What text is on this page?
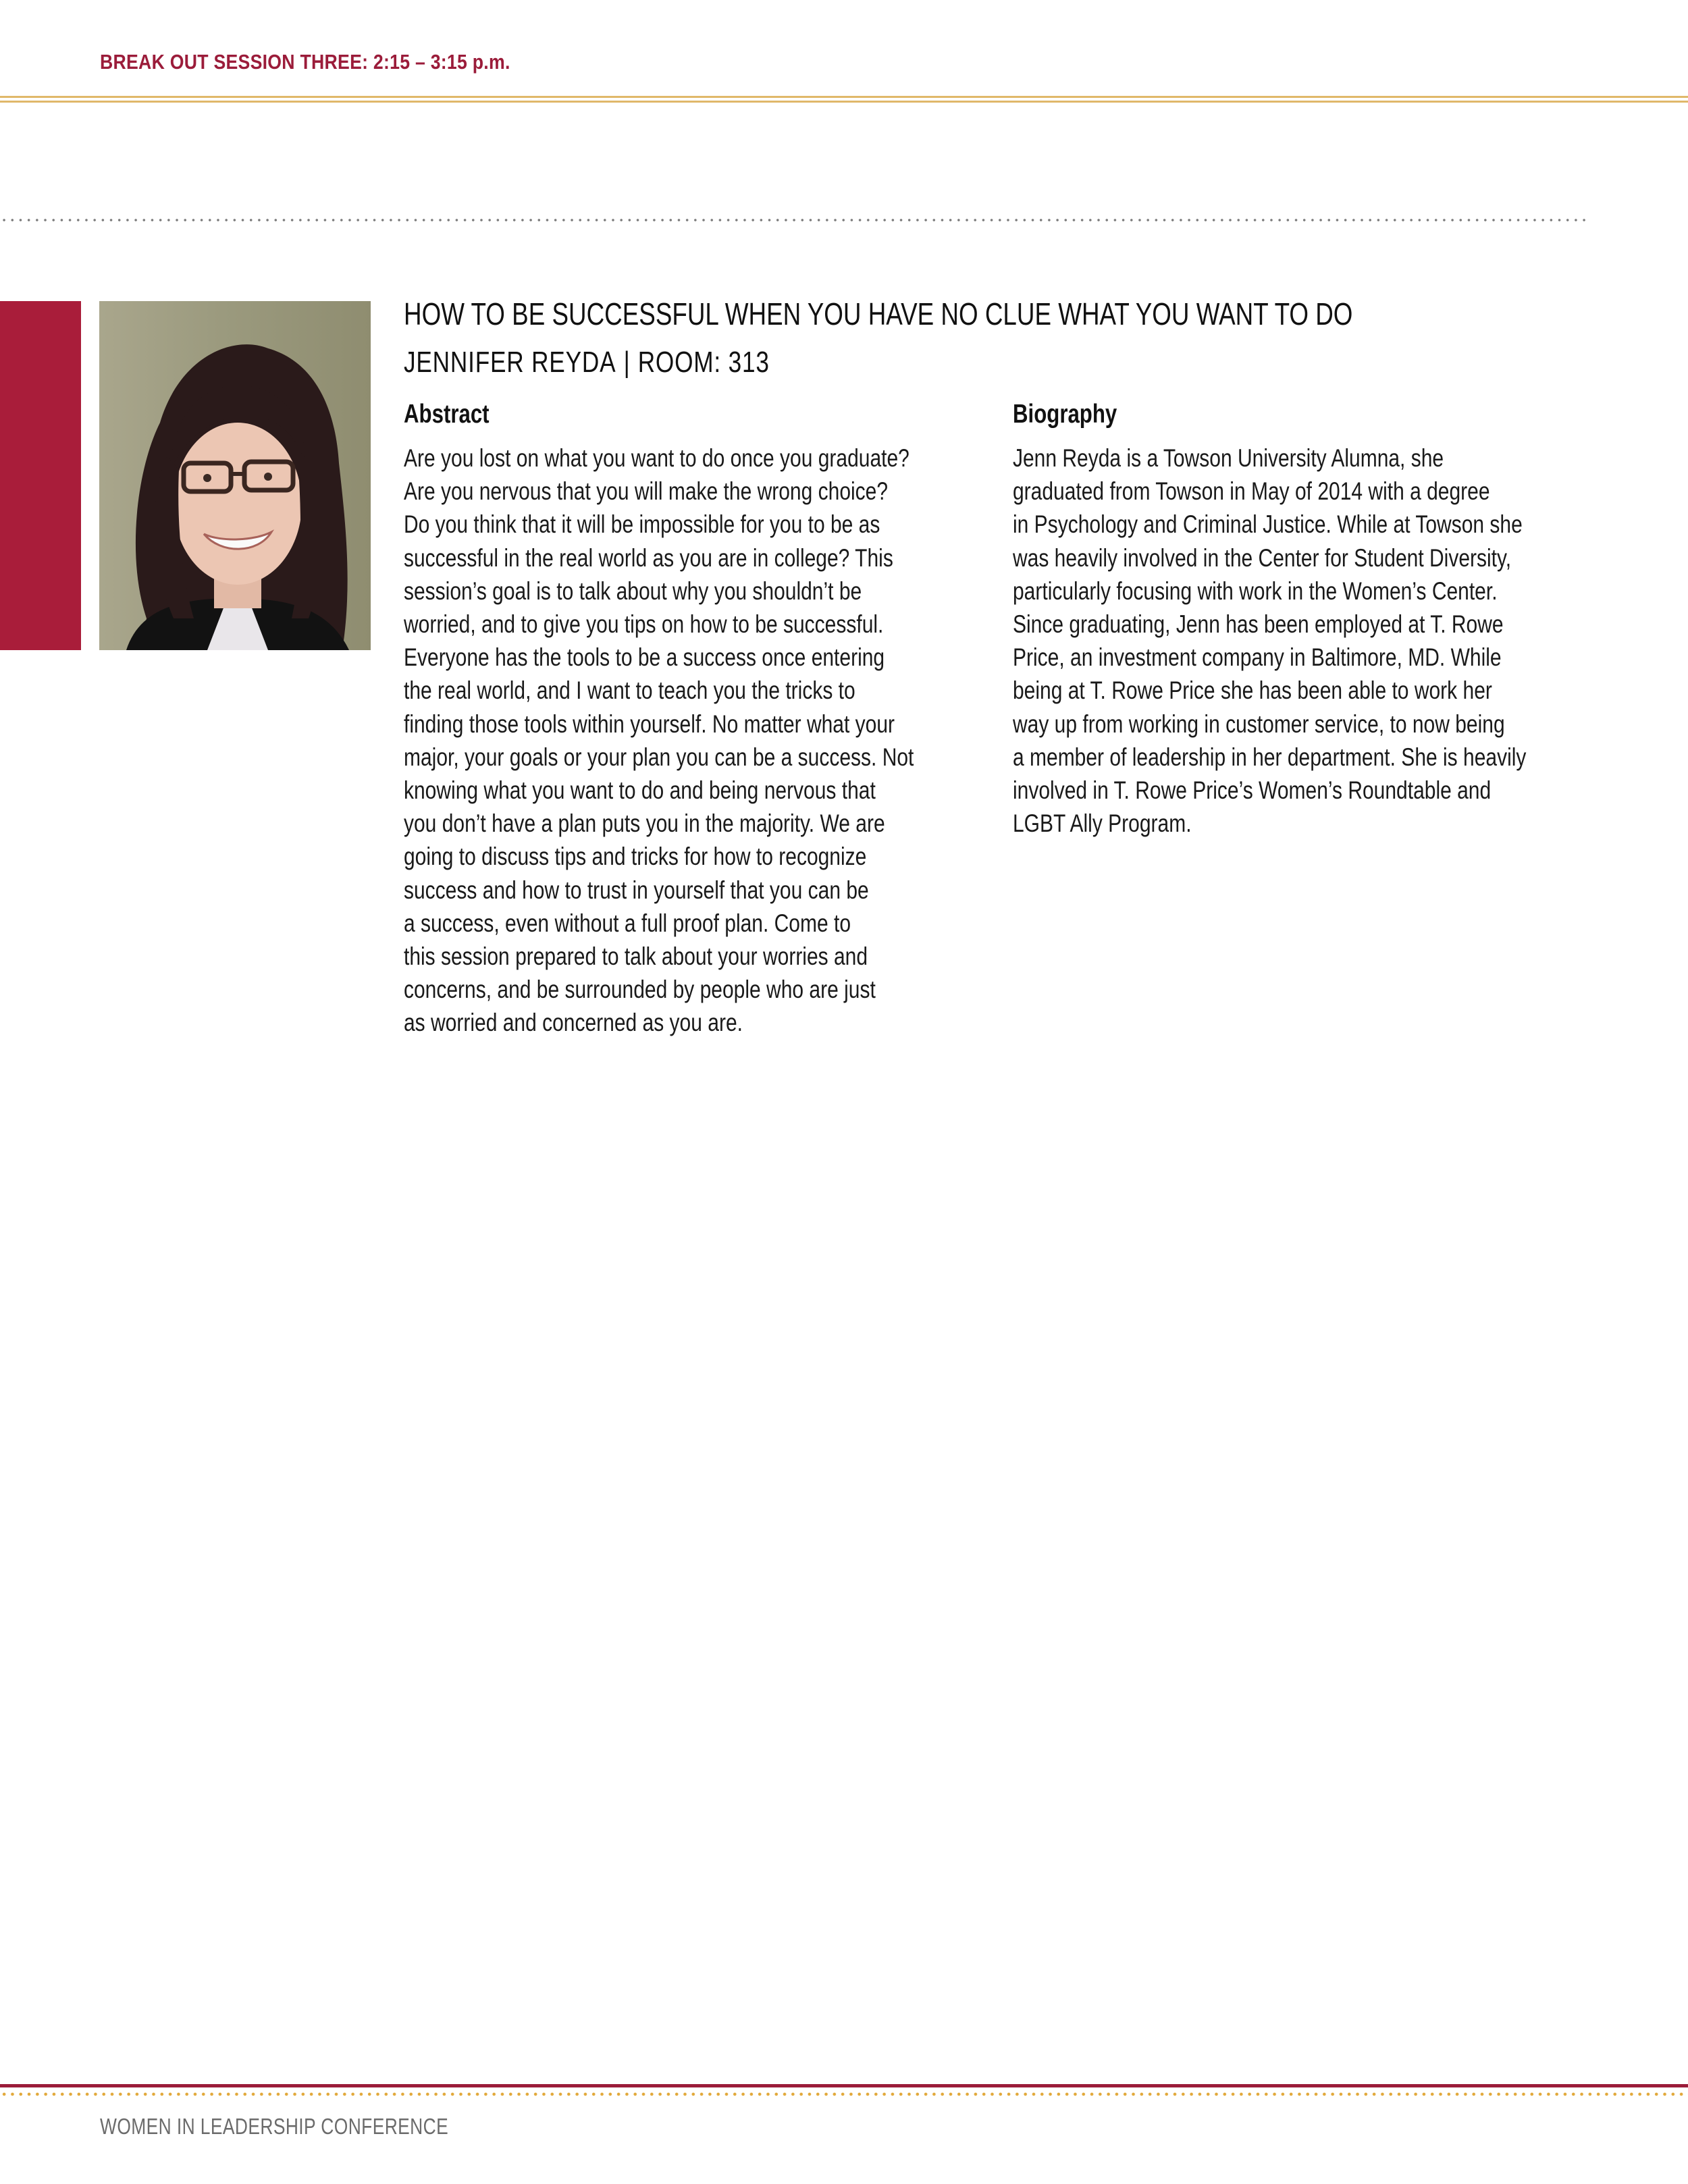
BREAK OUT SESSION THREE: 2:15 – 3:15 p.m.
HOW TO BE SUCCESSFUL WHEN YOU HAVE NO CLUE WHAT YOU WANT TO DO
JENNIFER REYDA | ROOM: 313
Abstract
Are you lost on what you want to do once you graduate?
Are you nervous that you will make the wrong choice?
Do you think that it will be impossible for you to be as
successful in the real world as you are in college? This
session’s goal is to talk about why you shouldn’t be
worried, and to give you tips on how to be successful.
Everyone has the tools to be a success once entering
the real world, and I want to teach you the tricks to
finding those tools within yourself. No matter what your
major, your goals or your plan you can be a success. Not
knowing what you want to do and being nervous that
you don’t have a plan puts you in the majority. We are
going to discuss tips and tricks for how to recognize
success and how to trust in yourself that you can be
a success, even without a full proof plan. Come to
this session prepared to talk about your worries and
concerns, and be surrounded by people who are just
as worried and concerned as you are.
Biography
Jenn Reyda is a Towson University Alumna, she
graduated from Towson in May of 2014 with a degree
in Psychology and Criminal Justice. While at Towson she
was heavily involved in the Center for Student Diversity,
particularly focusing with work in the Women’s Center.
Since graduating, Jenn has been employed at T. Rowe
Price, an investment company in Baltimore, MD. While
being at T. Rowe Price she has been able to work her
way up from working in customer service, to now being
a member of leadership in her department. She is heavily
involved in T. Rowe Price’s Women’s Roundtable and
LGBT Ally Program.
WOMEN IN LEADERSHIP CONFERENCE
